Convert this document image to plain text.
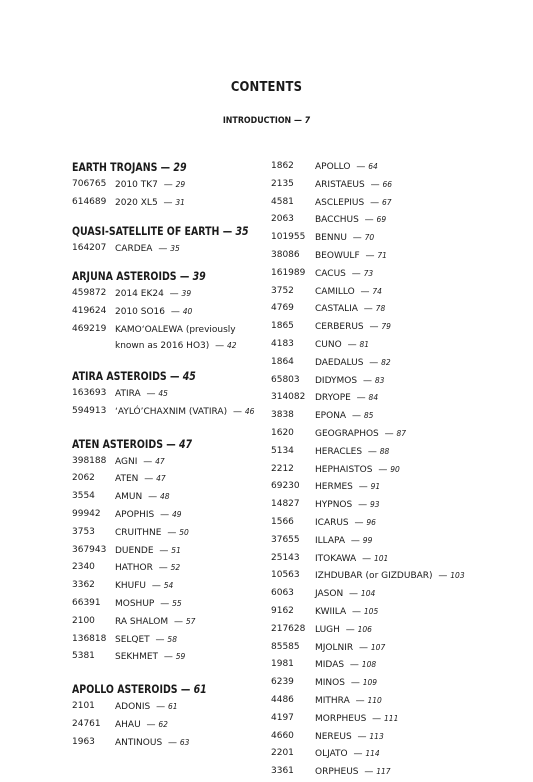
CONTENTS
INTRODUCTION — 7
EARTH TROJANS — 29
706765 2010 TK7 — 29
614689 2020 XL5 — 31
QUASI-SATELLITE OF EARTH — 35
164207 CARDEA — 35
ARJUNA ASTEROIDS — 39
459872 2014 EK24 — 39
419624 2010 SO16 — 40
469219 KAMO‘OALEWA (previously known as 2016 HO3) — 42
ATIRA ASTEROIDS — 45
163693 ATIRA — 45
594913 ‘AYLÓ’CHAXNIM (VATIRA) — 46
ATEN ASTEROIDS — 47
398188 AGNI — 47
2062 ATEN — 47
3554 AMUN — 48
99942 APOPHIS — 49
3753 CRUITHNE — 50
367943 DUENDE — 51
2340 HATHOR — 52
3362 KHUFU — 54
66391 MOSHUP — 55
2100 RA SHALOM — 57
136818 SELQET — 58
5381 SEKHMET — 59
APOLLO ASTEROIDS — 61
2101 ADONIS — 61
24761 AHAU — 62
1963 ANTINOUS — 63
1862 APOLLO — 64
2135 ARISTAEUS — 66
4581 ASCLEPIUS — 67
2063 BACCHUS — 69
101955 BENNU — 70
38086 BEOWULF — 71
161989 CACUS — 73
3752 CAMILLO — 74
4769 CASTALIA — 78
1865 CERBERUS — 79
4183 CUNO — 81
1864 DAEDALUS — 82
65803 DIDYMOS — 83
314082 DRYOPE — 84
3838 EPONA — 85
1620 GEOGRAPHOS — 87
5134 HERACLES — 88
2212 HEPHAISTOS — 90
69230 HERMES — 91
14827 HYPNOS — 93
1566 ICARUS — 96
37655 ILLAPA — 99
25143 ITOKAWA — 101
10563 IZHDUBAR (or GIZDUBAR) — 103
6063 JASON — 104
9162 KWIILA — 105
217628 LUGH — 106
85585 MJOLNIR — 107
1981 MIDAS — 108
6239 MINOS — 109
4486 MITHRA — 110
4197 MORPHEUS — 111
4660 NEREUS — 113
2201 OLJATO — 114
3361 ORPHEUS — 117
